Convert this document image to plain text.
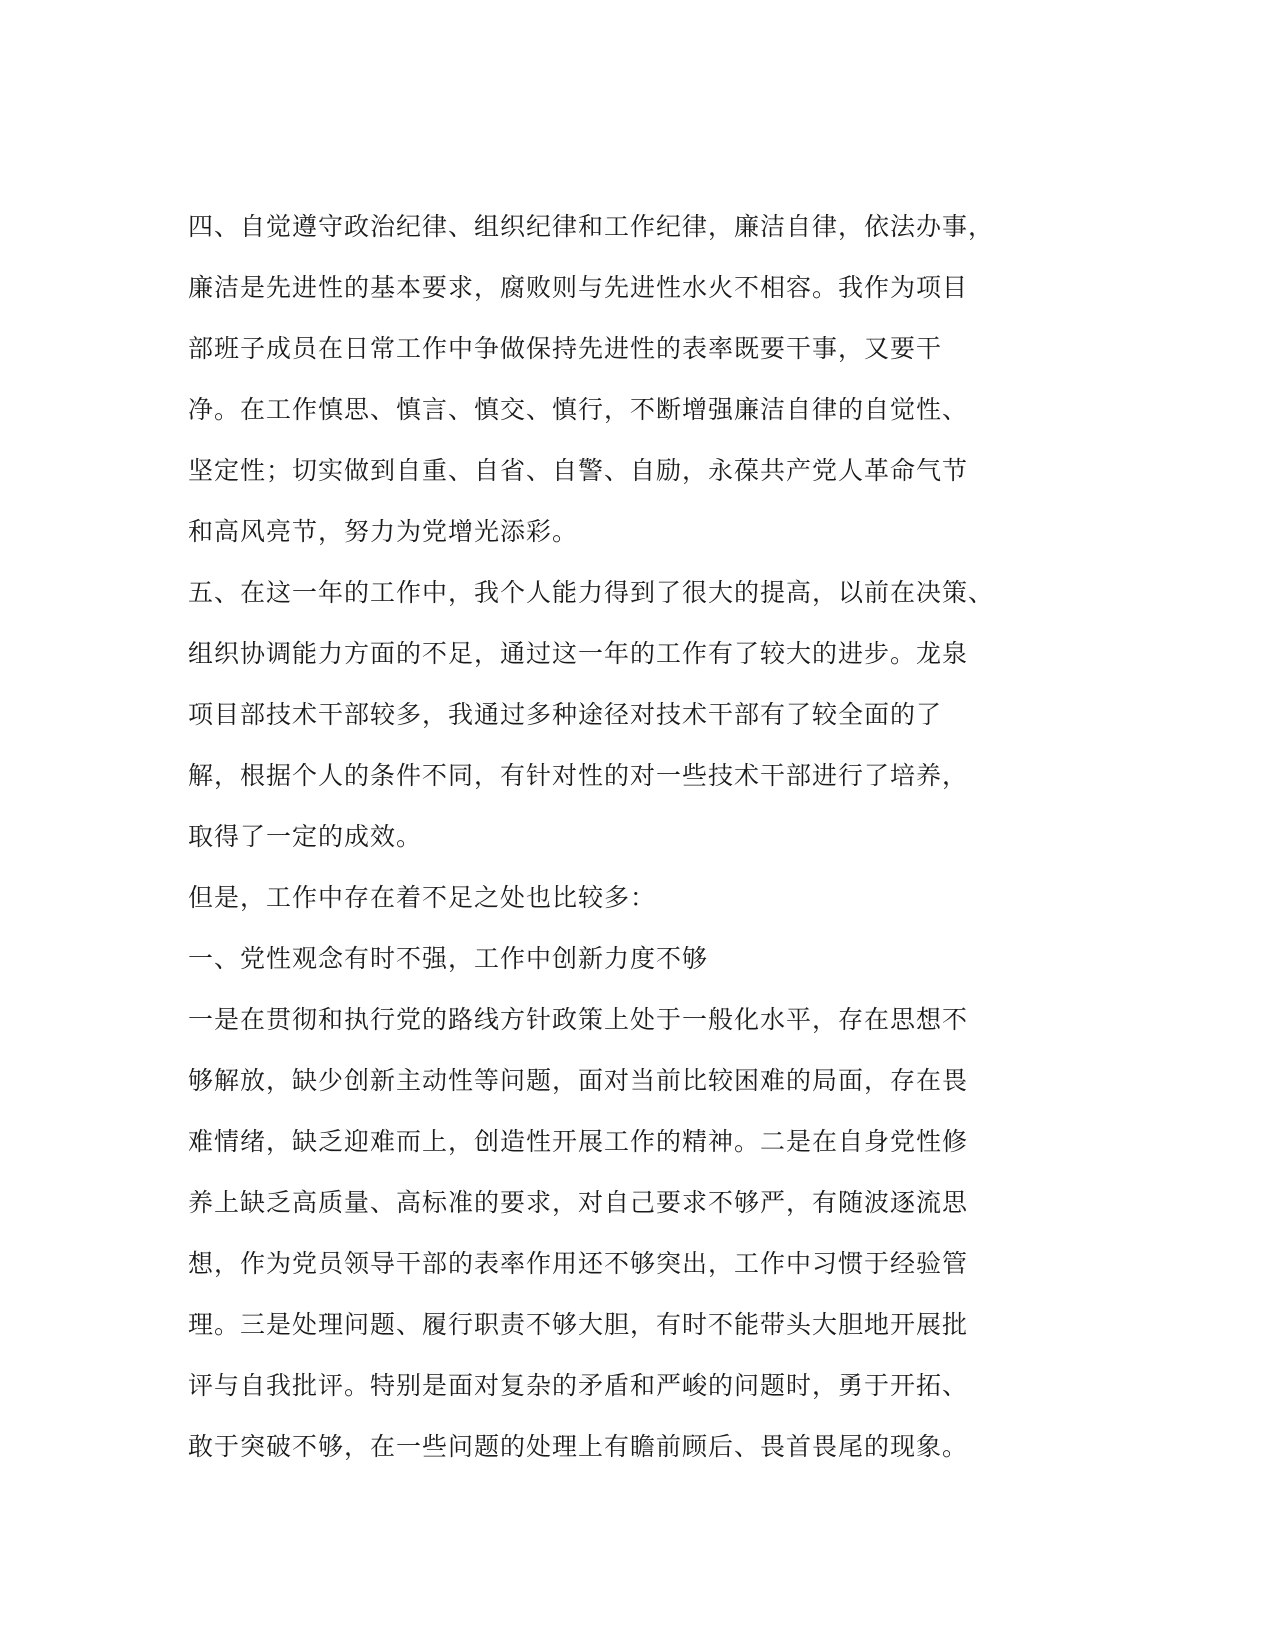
四、自觉遵守政治纪律、组织纪律和工作纪律，廉洁自律，依法办事，
廉洁是先进性的基本要求，腐败则与先进性水火不相容。我作为项目
部班子成员在日常工作中争做保持先进性的表率既要干事，又要干
净。在工作慎思、慎言、慎交、慎行，不断增强廉洁自律的自觉性、
坚定性；切实做到自重、自省、自警、自励，永葆共产党人革命气节
和高风亮节，努力为党增光添彩。
五、在这一年的工作中，我个人能力得到了很大的提高，以前在决策、
组织协调能力方面的不足，通过这一年的工作有了较大的进步。龙泉
项目部技术干部较多，我通过多种途径对技术干部有了较全面的了
解，根据个人的条件不同，有针对性的对一些技术干部进行了培养，
取得了一定的成效。
但是，工作中存在着不足之处也比较多：
一、党性观念有时不强，工作中创新力度不够
一是在贯彻和执行党的路线方针政策上处于一般化水平，存在思想不
够解放，缺少创新主动性等问题，面对当前比较困难的局面，存在畏
难情绪，缺乏迎难而上，创造性开展工作的精神。二是在自身党性修
养上缺乏高质量、高标准的要求，对自己要求不够严，有随波逐流思
想，作为党员领导干部的表率作用还不够突出，工作中习惯于经验管
理。三是处理问题、履行职责不够大胆，有时不能带头大胆地开展批
评与自我批评。特别是面对复杂的矛盾和严峻的问题时，勇于开拓、
敢于突破不够，在一些问题的处理上有瞻前顾后、畏首畏尾的现象。
